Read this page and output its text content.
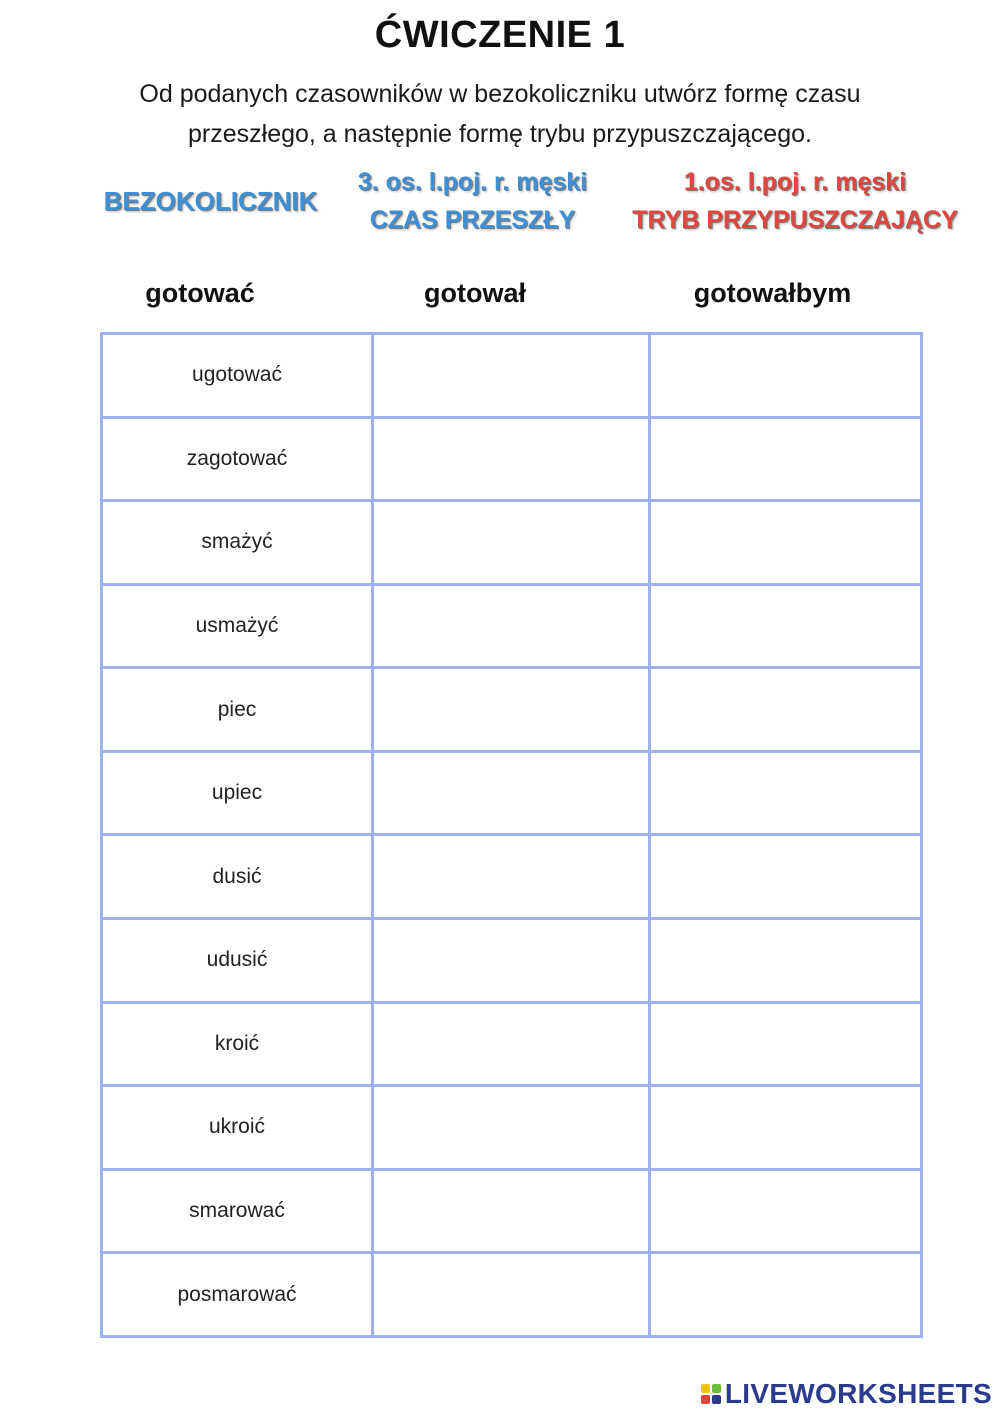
ĆWICZENIE 1
Od podanych czasowników w bezokoliczniku utwórz formę czasu
przeszłego, a następnie formę trybu przypuszczającego.
BEZOKOLICZNIK
3. os. l.poj. r. męski
CZAS PRZESZŁY
1.os. l.poj. r. męski
TRYB PRZYPUSZCZAJĄCY
gotować	gotował	gotowałbym
ugotować	

zagotować	

smażyć	

usmażyć	

piec	

upiec	

dusić	

udusić	

kroić	

ukroić	

smarować	

posmarować	

LIVEWORKSHEETS
